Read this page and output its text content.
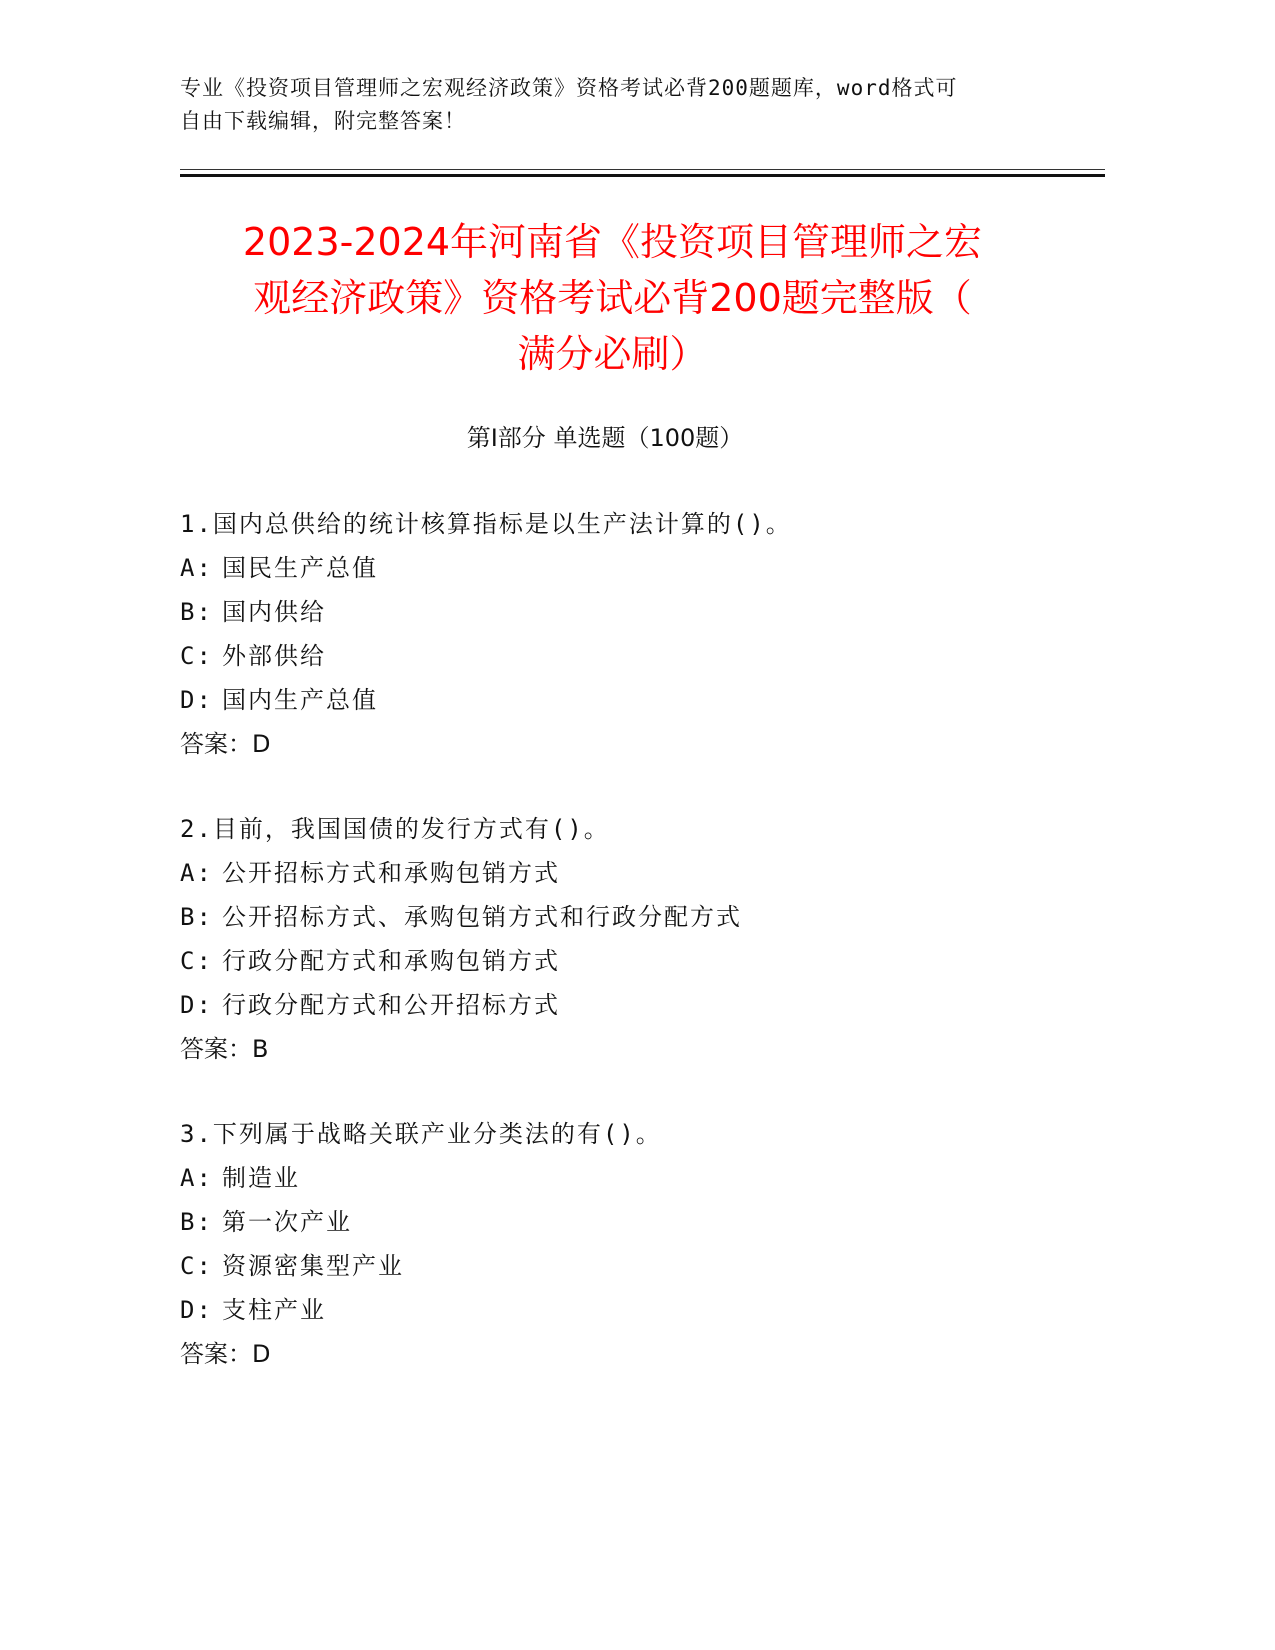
专业《投资项目管理师之宏观经济政策》资格考试必背200题题库，word格式可
自由下载编辑，附完整答案！
2023-2024年河南省《投资项目管理师之宏
观经济政策》资格考试必背200题完整版（
满分必刷）
第Ⅰ部分 单选题（100题）
1.国内总供给的统计核算指标是以生产法计算的()。
A: 国民生产总值
B: 国内供给
C: 外部供给
D: 国内生产总值
答案：D
2.目前，我国国债的发行方式有()。
A: 公开招标方式和承购包销方式
B: 公开招标方式、承购包销方式和行政分配方式
C: 行政分配方式和承购包销方式
D: 行政分配方式和公开招标方式
答案：B
3.下列属于战略关联产业分类法的有()。
A: 制造业
B: 第一次产业
C: 资源密集型产业
D: 支柱产业
答案：D
